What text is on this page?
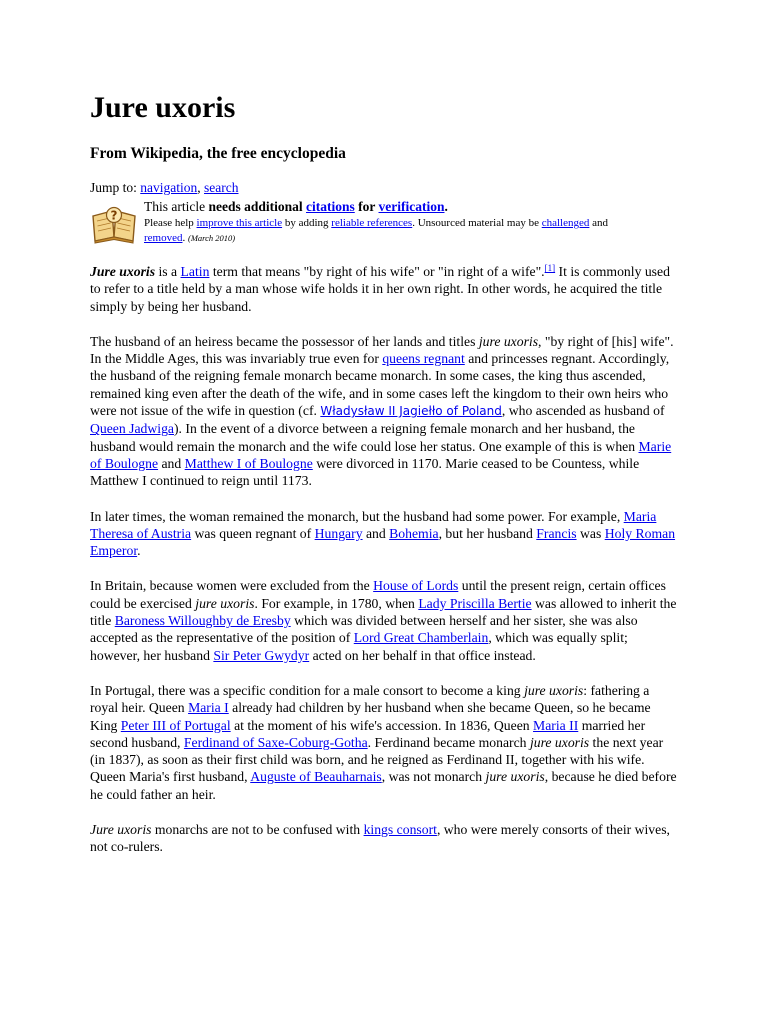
Jure uxoris
From Wikipedia, the free encyclopedia
Jump to: navigation, search
?
This article needs additional citations for verification.
Please help improve this article by adding reliable references. Unsourced material may be challenged and
removed. (March 2010)

Jure uxoris is a Latin term that means "by right of his wife" or "in right of a wife".[1] It is commonly used to refer to a title held by a man whose wife holds it in her own right. In other words, he acquired the title simply by being her husband.

The husband of an heiress became the possessor of her lands and titles jure uxoris, "by right of [his] wife". In the Middle Ages, this was invariably true even for queens regnant and princesses regnant. Accordingly, the husband of the reigning female monarch became monarch. In some cases, the king thus ascended, remained king even after the death of the wife, and in some cases left the kingdom to their own heirs who were not issue of the wife in question (cf. Władysław II Jagiełło of Poland, who ascended as husband of Queen Jadwiga). In the event of a divorce between a reigning female monarch and her husband, the husband would remain the monarch and the wife could lose her status. One example of this is when Marie of Boulogne and Matthew I of Boulogne were divorced in 1170. Marie ceased to be Countess, while Matthew I continued to reign until 1173.

In later times, the woman remained the monarch, but the husband had some power. For example, Maria Theresa of Austria was queen regnant of Hungary and Bohemia, but her husband Francis was Holy Roman Emperor.

In Britain, because women were excluded from the House of Lords until the present reign, certain offices could be exercised jure uxoris. For example, in 1780, when Lady Priscilla Bertie was allowed to inherit the title Baroness Willoughby de Eresby which was divided between herself and her sister, she was also accepted as the representative of the position of Lord Great Chamberlain, which was equally split; however, her husband Sir Peter Gwydyr acted on her behalf in that office instead.

In Portugal, there was a specific condition for a male consort to become a king jure uxoris: fathering a royal heir. Queen Maria I already had children by her husband when she became Queen, so he became King Peter III of Portugal at the moment of his wife's accession. In 1836, Queen Maria II married her second husband, Ferdinand of Saxe-Coburg-Gotha. Ferdinand became monarch jure uxoris the next year (in 1837), as soon as their first child was born, and he reigned as Ferdinand II, together with his wife. Queen Maria's first husband, Auguste of Beauharnais, was not monarch jure uxoris, because he died before he could father an heir.

Jure uxoris monarchs are not to be confused with kings consort, who were merely consorts of their wives, not co-rulers.
